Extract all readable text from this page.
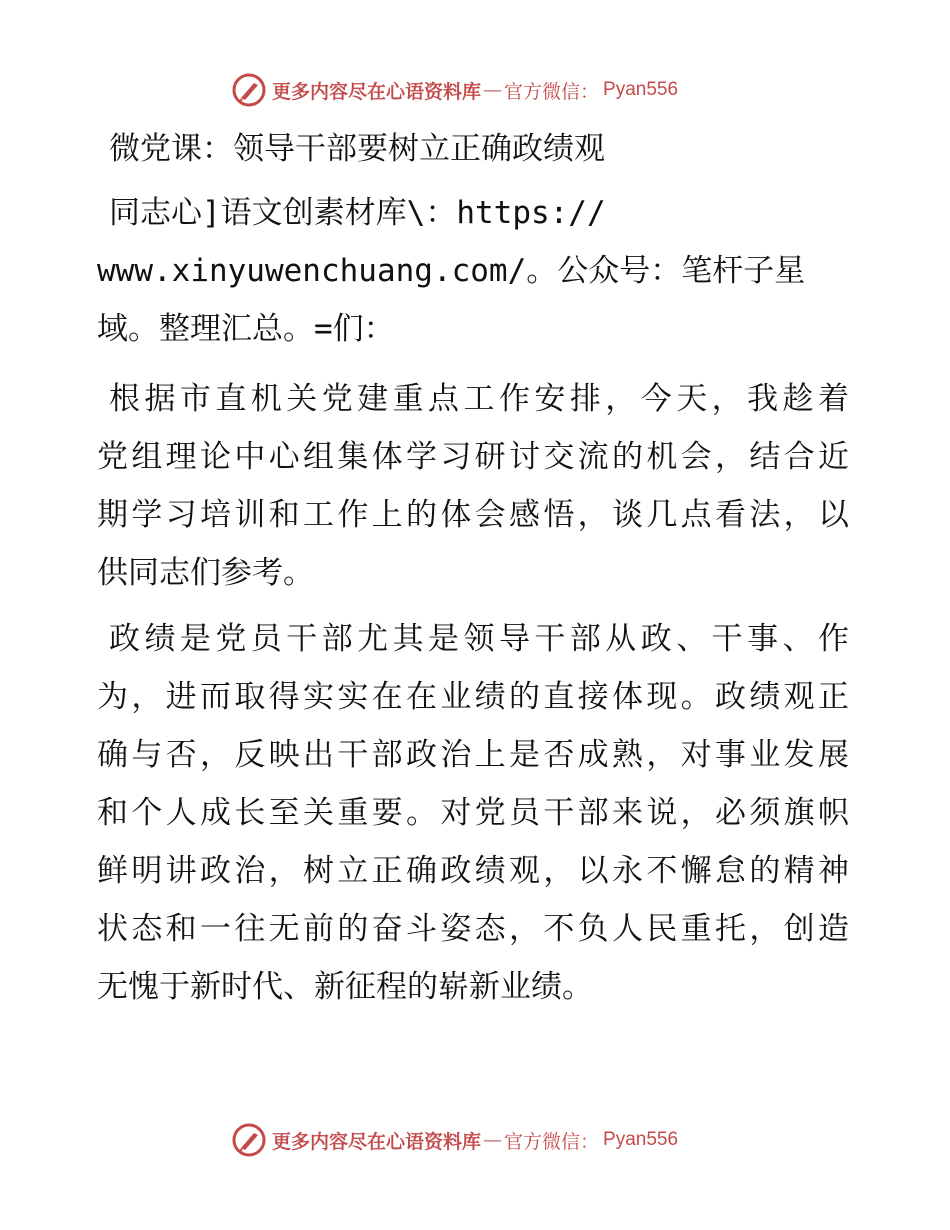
更多内容尽在心语资料库 — 官方微信： Pyan556
微党课：领导干部要树立正确政绩观
同志心]语文创素材库\：https://
www.xinyuwenchuang.com/。公众号：笔杆子星
域。整理汇总。=们：
根据市直机关党建重点工作安排，今天，我趁着
党组理论中心组集体学习研讨交流的机会，结合近
期学习培训和工作上的体会感悟，谈几点看法，以
供同志们参考。
政绩是党员干部尤其是领导干部从政、干事、作
为，进而取得实实在在业绩的直接体现。政绩观正
确与否，反映出干部政治上是否成熟，对事业发展
和个人成长至关重要。对党员干部来说，必须旗帜
鲜明讲政治，树立正确政绩观，以永不懈怠的精神
状态和一往无前的奋斗姿态，不负人民重托，创造
无愧于新时代、新征程的崭新业绩。
更多内容尽在心语资料库 — 官方微信： Pyan556
